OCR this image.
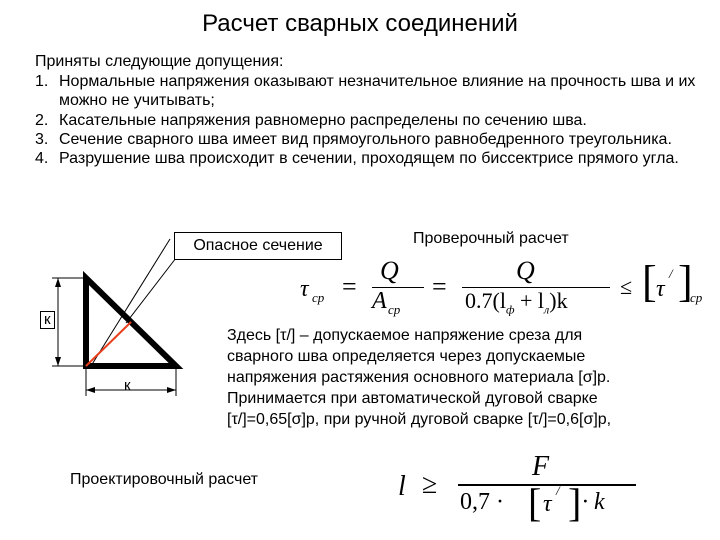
Расчет сварных соединений
Приняты следующие допущения:
1. Нормальные напряжения оказывают незначительное влияние на прочность шва и их можно не учитывать;
2. Касательные напряжения равномерно распределены по сечению шва.
3. Сечение сварного шва имеет вид прямоугольного равнобедренного треугольника.
4. Разрушение шва происходит в сечении, проходящем по биссектрисе прямого угла.
Опасное сечение
к
к
Проверочный расчет
τ ср =
Q
A ср
=
Q
$0.7(l_ф + l_л)k$
≤ [ τ
/ ]
ср

Здесь [τ/] – допускаемое напряжение среза для

сварного шва определяется через допускаемые

напряжения растяжения основного материала [σ]р.

Принимается при автоматической дуговой сварке

[τ/]=0,65[σ]р, при ручной дуговой сварке [τ/]=0,6[σ]р,

Проектировочный расчет	l ≥
F
0,7 · [ τ
/ ] · k
